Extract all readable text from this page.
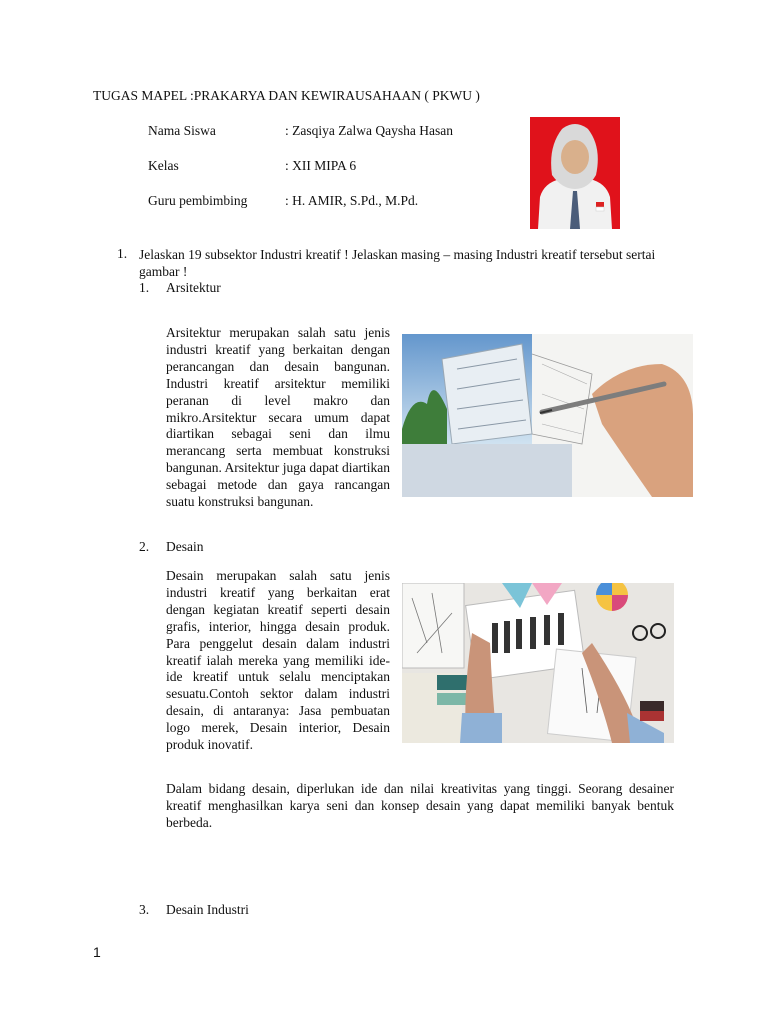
TUGAS MAPEL :PRAKARYA DAN KEWIRAUSAHAAN ( PKWU )
Nama Siswa	: Zasqiya Zalwa Qaysha Hasan
Kelas	: XII MIPA 6
Guru pembimbing	: H. AMIR, S.Pd., M.Pd.
1. Jelaskan 19 subsektor Industri kreatif ! Jelaskan masing – masing Industri kreatif tersebut sertai gambar !
1. Arsitektur
Arsitektur merupakan salah satu jenis industri kreatif yang berkaitan dengan perancangan dan desain bangunan. Industri kreatif arsitektur memiliki peranan di level makro dan mikro.Arsitektur secara umum dapat diartikan sebagai seni dan ilmu merancang serta membuat konstruksi bangunan. Arsitektur juga dapat diartikan sebagai metode dan gaya rancangan suatu konstruksi bangunan.
2. Desain
Desain merupakan salah satu jenis industri kreatif yang berkaitan erat dengan kegiatan kreatif seperti desain grafis, interior, hingga desain produk. Para penggelut desain dalam industri kreatif ialah mereka yang memiliki ide-ide kreatif untuk selalu menciptakan sesuatu.Contoh sektor dalam industri desain, di antaranya: Jasa pembuatan logo merek, Desain interior, Desain produk inovatif.
Dalam bidang desain, diperlukan ide dan nilai kreativitas yang tinggi. Seorang desainer kreatif menghasilkan karya seni dan konsep desain yang dapat memiliki banyak bentuk berbeda.
3. Desain Industri
1
